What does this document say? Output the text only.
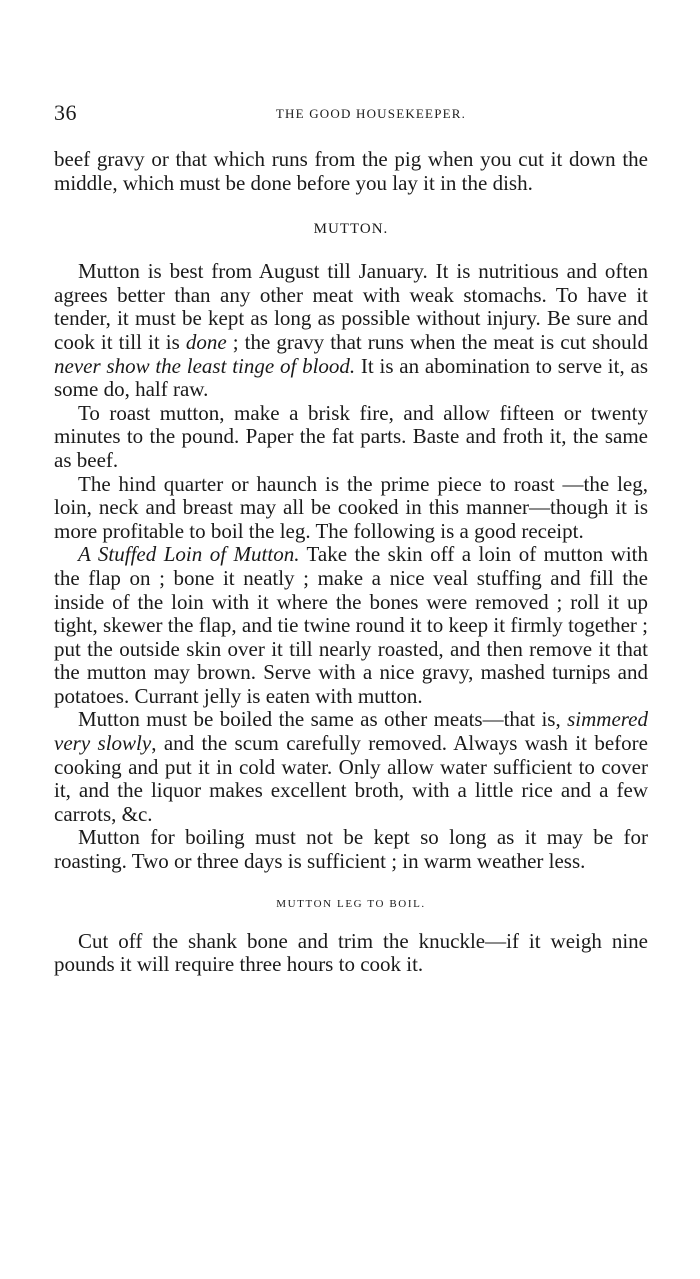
36	THE GOOD HOUSEKEEPER.

beef gravy or that which runs from the pig when you cut it down the middle, which must be done before you lay it in the dish.

MUTTON.

Mutton is best from August till January. It is nutritious and often agrees better than any other meat with weak stomachs. To have it tender, it must be kept as long as possible without injury. Be sure and cook it till it is done ; the gravy that runs when the meat is cut should never show the least tinge of blood. It is an abomination to serve it, as some do, half raw.

To roast mutton, make a brisk fire, and allow fifteen or twenty minutes to the pound. Paper the fat parts. Baste and froth it, the same as beef.

The hind quarter or haunch is the prime piece to roast —the leg, loin, neck and breast may all be cooked in this manner—though it is more profitable to boil the leg. The following is a good receipt.

A Stuffed Loin of Mutton. Take the skin off a loin of mutton with the flap on ; bone it neatly ; make a nice veal stuffing and fill the inside of the loin with it where the bones were removed ; roll it up tight, skewer the flap, and tie twine round it to keep it firmly together ; put the outside skin over it till nearly roasted, and then remove it that the mutton may brown. Serve with a nice gravy, mashed turnips and potatoes. Currant jelly is eaten with mutton.

Mutton must be boiled the same as other meats—that is, simmered very slowly, and the scum carefully removed. Always wash it before cooking and put it in cold water. Only allow water sufficient to cover it, and the liquor makes excellent broth, with a little rice and a few carrots, &c.

Mutton for boiling must not be kept so long as it may be for roasting. Two or three days is sufficient ; in warm weather less.

MUTTON LEG TO BOIL.

Cut off the shank bone and trim the knuckle—if it weigh nine pounds it will require three hours to cook it.
